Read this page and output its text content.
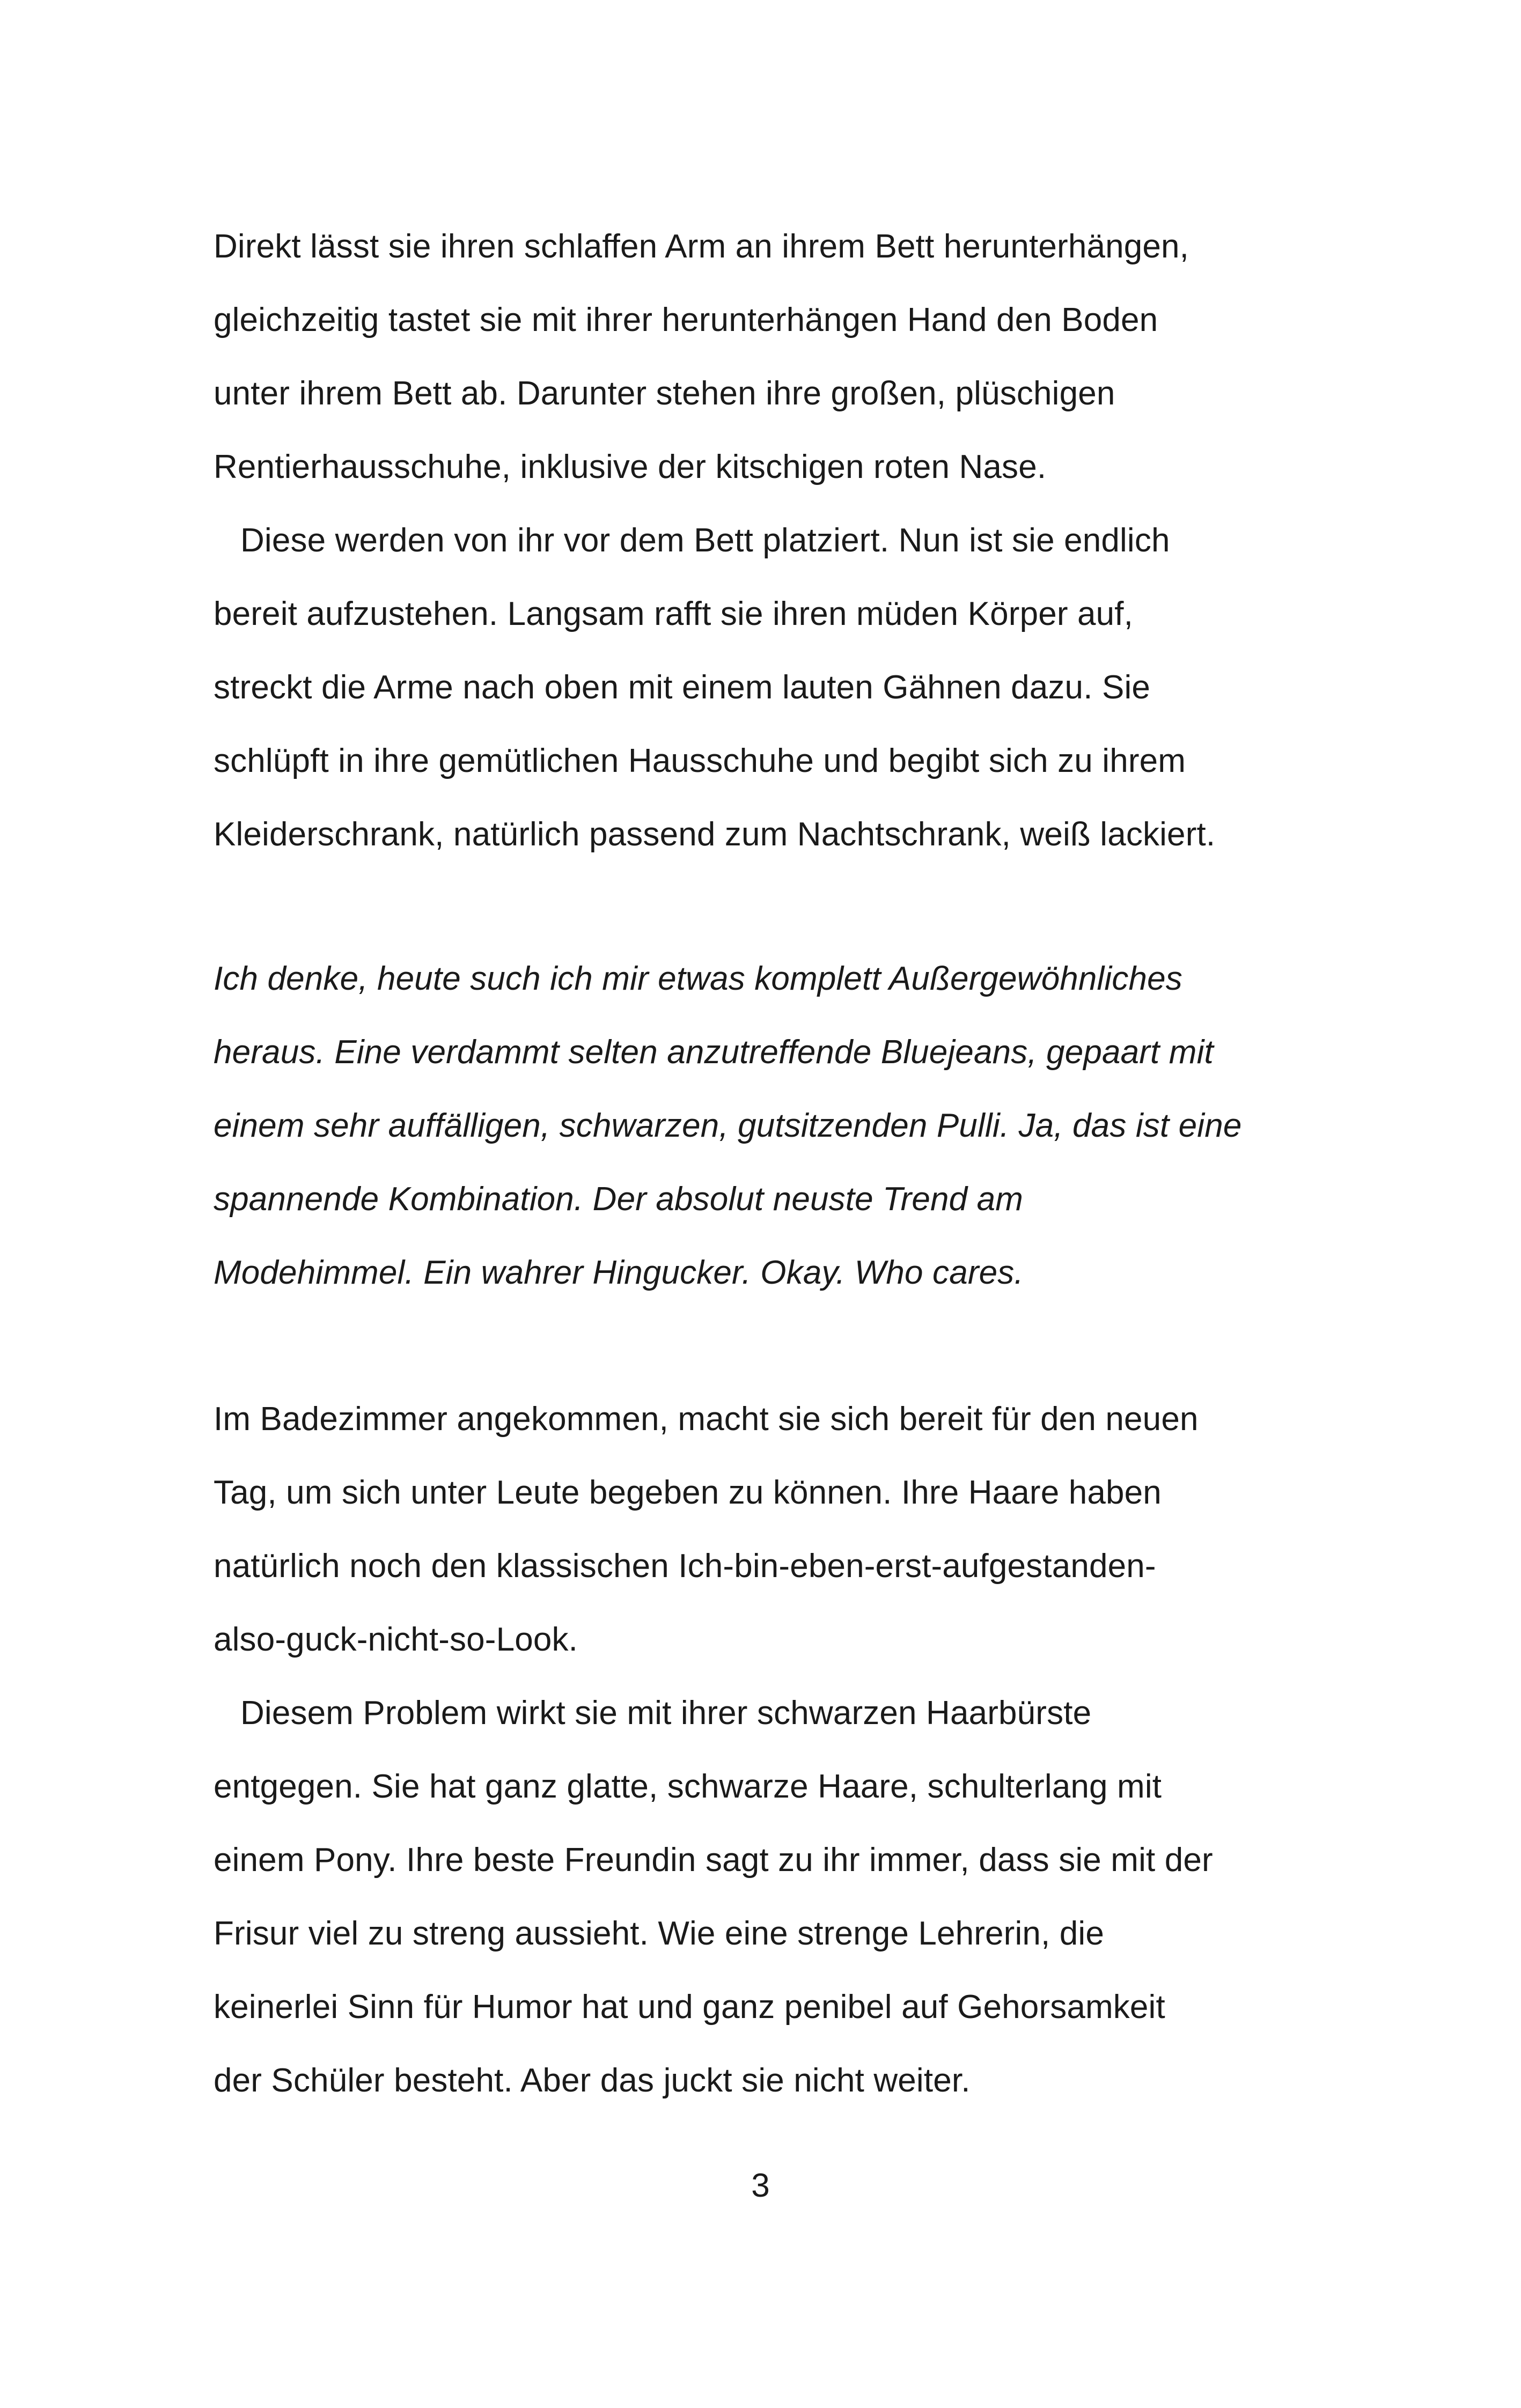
Direkt lässt sie ihren schlaffen Arm an ihrem Bett herunterhängen,
gleichzeitig tastet sie mit ihrer herunterhängen Hand den Boden
unter ihrem Bett ab. Darunter stehen ihre großen, plüschigen
Rentierhausschuhe, inklusive der kitschigen roten Nase.
Diese werden von ihr vor dem Bett platziert. Nun ist sie endlich
bereit aufzustehen. Langsam rafft sie ihren müden Körper auf,
streckt die Arme nach oben mit einem lauten Gähnen dazu. Sie
schlüpft in ihre gemütlichen Hausschuhe und begibt sich zu ihrem
Kleiderschrank, natürlich passend zum Nachtschrank, weiß lackiert.
Ich denke, heute such ich mir etwas komplett Außergewöhnliches
heraus. Eine verdammt selten anzutreffende Bluejeans, gepaart mit
einem sehr auffälligen, schwarzen, gutsitzenden Pulli. Ja, das ist eine
spannende Kombination. Der absolut neuste Trend am
Modehimmel. Ein wahrer Hingucker. Okay. Who cares.
Im Badezimmer angekommen, macht sie sich bereit für den neuen
Tag, um sich unter Leute begeben zu können. Ihre Haare haben
natürlich noch den klassischen Ich-bin-eben-erst-aufgestanden-
also-guck-nicht-so-Look.
Diesem Problem wirkt sie mit ihrer schwarzen Haarbürste
entgegen. Sie hat ganz glatte, schwarze Haare, schulterlang mit
einem Pony. Ihre beste Freundin sagt zu ihr immer, dass sie mit der
Frisur viel zu streng aussieht. Wie eine strenge Lehrerin, die
keinerlei Sinn für Humor hat und ganz penibel auf Gehorsamkeit
der Schüler besteht. Aber das juckt sie nicht weiter.
3
